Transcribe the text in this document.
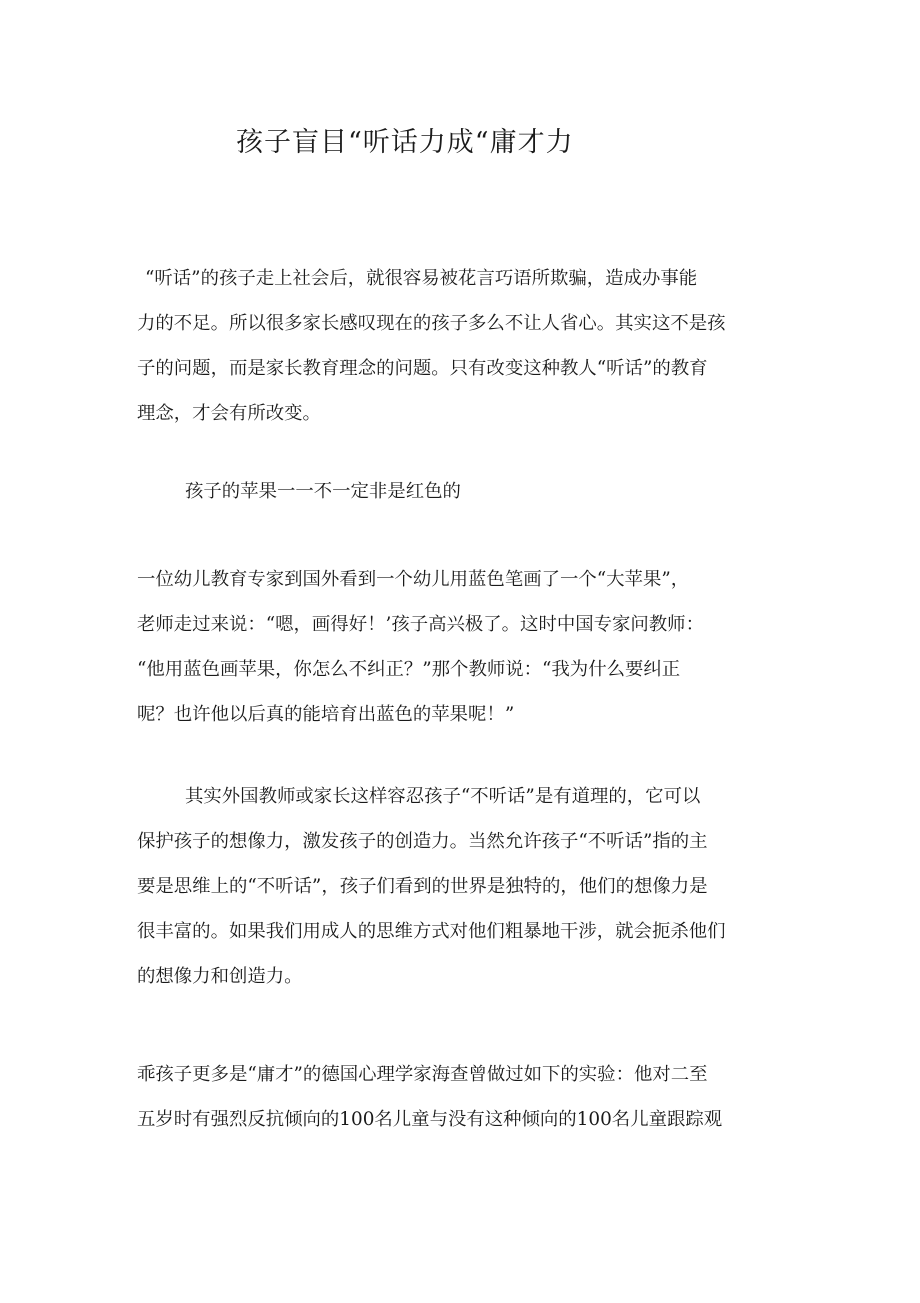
孩子盲目“听话力成“庸才力

“听话”的孩子走上社会后，就很容易被花言巧语所欺骗，造成办事能
力的不足。所以很多家长感叹现在的孩子多么不让人省心。其实这不是孩
子的问题，而是家长教育理念的问题。只有改变这种教人“听话”的教育
理念，才会有所改变。

孩子的苹果一一不一定非是红色的

一位幼儿教育专家到国外看到一个幼儿用蓝色笔画了一个“大苹果”，
老师走过来说：“嗯，画得好！’孩子高兴极了。这时中国专家问教师：
“他用蓝色画苹果，你怎么不纠正？”那个教师说：“我为什么要纠正
呢？也许他以后真的能培育出蓝色的苹果呢！”

其实外国教师或家长这样容忍孩子“不听话”是有道理的，它可以
保护孩子的想像力，激发孩子的创造力。当然允许孩子“不听话”指的主
要是思维上的“不听话”，孩子们看到的世界是独特的，他们的想像力是
很丰富的。如果我们用成人的思维方式对他们粗暴地干涉，就会扼杀他们
的想像力和创造力。

乖孩子更多是“庸才”的德国心理学家海查曾做过如下的实验：他对二至
五岁时有强烈反抗倾向的100名儿童与没有这种倾向的100名儿童跟踪观
